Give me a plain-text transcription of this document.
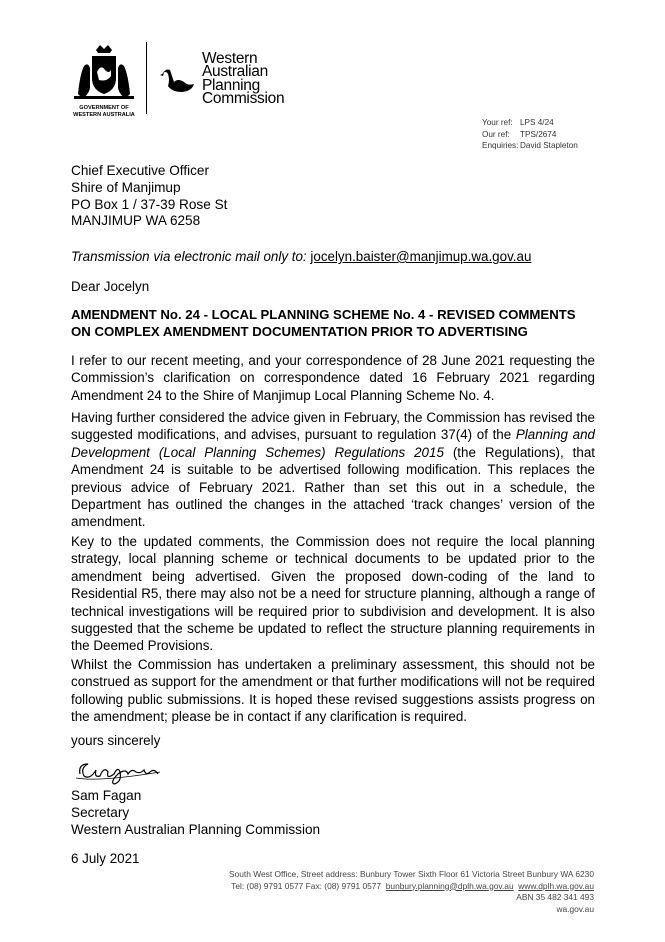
GOVERNMENT OF
WESTERN AUSTRALIA
Western
Australian
Planning
Commission
Your ref: LPS 4/24
Our ref:	TPS/2674
Enquiries: David Stapleton
Chief Executive Officer
Shire of Manjimup
PO Box 1 / 37-39 Rose St
MANJIMUP WA 6258
Transmission via electronic mail only to: jocelyn.baister@manjimup.wa.gov.au
Dear Jocelyn
AMENDMENT No. 24 - LOCAL PLANNING SCHEME No. 4 - REVISED COMMENTS
ON COMPLEX AMENDMENT DOCUMENTATION PRIOR TO ADVERTISING

I refer to our recent meeting, and your correspondence of 28 June 2021 requesting the Commission’s clarification on correspondence dated 16 February 2021 regarding Amendment 24 to the Shire of Manjimup Local Planning Scheme No. 4.

Having further considered the advice given in February, the Commission has revised the suggested modifications, and advises, pursuant to regulation 37(4) of the Planning and Development (Local Planning Schemes) Regulations 2015 (the Regulations), that Amendment 24 is suitable to be advertised following modification. This replaces the previous advice of February 2021. Rather than set this out in a schedule, the Department has outlined the changes in the attached ‘track changes’ version of the amendment.

Key to the updated comments, the Commission does not require the local planning strategy, local planning scheme or technical documents to be updated prior to the amendment being advertised. Given the proposed down-coding of the land to Residential R5, there may also not be a need for structure planning, although a range of technical investigations will be required prior to subdivision and development. It is also suggested that the scheme be updated to reflect the structure planning requirements in the Deemed Provisions.

Whilst the Commission has undertaken a preliminary assessment, this should not be construed as support for the amendment or that further modifications will not be required following public submissions. It is hoped these revised suggestions assists progress on the amendment; please be in contact if any clarification is required.

yours sincerely
Sam Fagan
Secretary
Western Australian Planning Commission
6 July 2021
South West Office, Street address: Bunbury Tower Sixth Floor 61 Victoria Street Bunbury WA 6230
Tel: (08) 9791 0577 Fax: (08) 9791 0577 bunbury.planning@dplh.wa.gov.au www.dplh.wa.gov.au
ABN 35 482 341 493
wa.gov.au
